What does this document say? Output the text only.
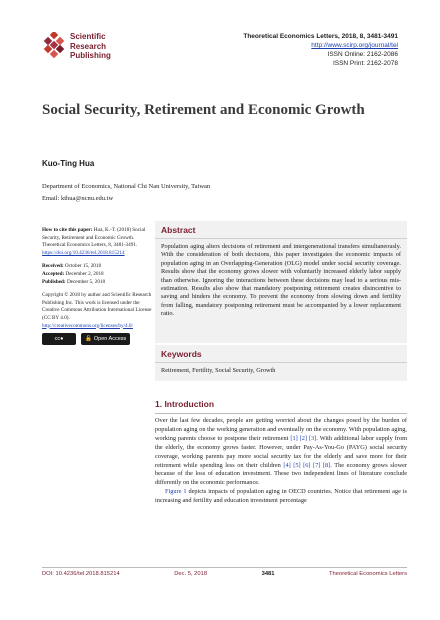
Scientific
Research
Publishing
Theoretical Economics Letters, 2018, 8, 3481-3491
http://www.scirp.org/journal/tel
ISSN Online: 2162-2086
ISSN Print: 2162-2078
Social Security, Retirement and Economic Growth
Kuo-Ting Hua
Department of Economics, National Chi Nan University, Taiwan
Email: kthua@ncnu.edu.tw
How to cite this paper: Hua, K.-T. (2018) Social Security, Retirement and Economic Growth. Theoretical Economics Letters, 8, 3481-3491.
https://doi.org/10.4236/tel.2018.815214
Received: October 15, 2018
Accepted: December 2, 2018
Published: December 5, 2018
Copyright © 2018 by author and Scientific Research Publishing Inc. This work is licensed under the Creative Commons Attribution International License (CC BY 4.0).
http://creativecommons.org/licenses/by/4.0/
cc●	🔓 Open Access
Abstract

Population aging alters decisions of retirement and intergenerational transfers simultaneously. With the consideration of both decisions, this paper investigates the economic impacts of population aging in an Overlapping-Generation (OLG) model under social security coverage. Results show that the economy grows slower with voluntarily increased elderly labor supply than otherwise. Ignoring the interactions between these decisions may lead to a serious mis-estimation. Results also show that mandatory postponing retirement creates disincentive to saving and hinders the economy. To prevent the economy from slowing down and fertility from falling, mandatory postponing retirement must be accompanied by a lower replacement ratio.

Keywords

Retirement, Fertility, Social Security, Growth

1. Introduction

Over the last few decades, people are getting worried about the changes posed by the burden of population aging on the working generation and eventually on the economy. With population aging, working parents choose to postpone their retirement [1] [2] [3]. With additional labor supply from the elderly, the economy grows faster. However, under Pay-As-You-Go (PAYG) social security coverage, working parents pay more social security tax for the elderly and save more for their retirement while spending less on their children [4] [5] [6] [7] [8]. The economy grows slower because of the loss of education investment. These two independent lines of literature conclude differently on the economic performance.

Figure 1 depicts impacts of population aging in OECD countries. Notice that retirement age is increasing and fertility and education investment percentage

DOI: 10.4236/tel.2018.815214	Dec. 5, 2018	3481	Theoretical Economics Letters
